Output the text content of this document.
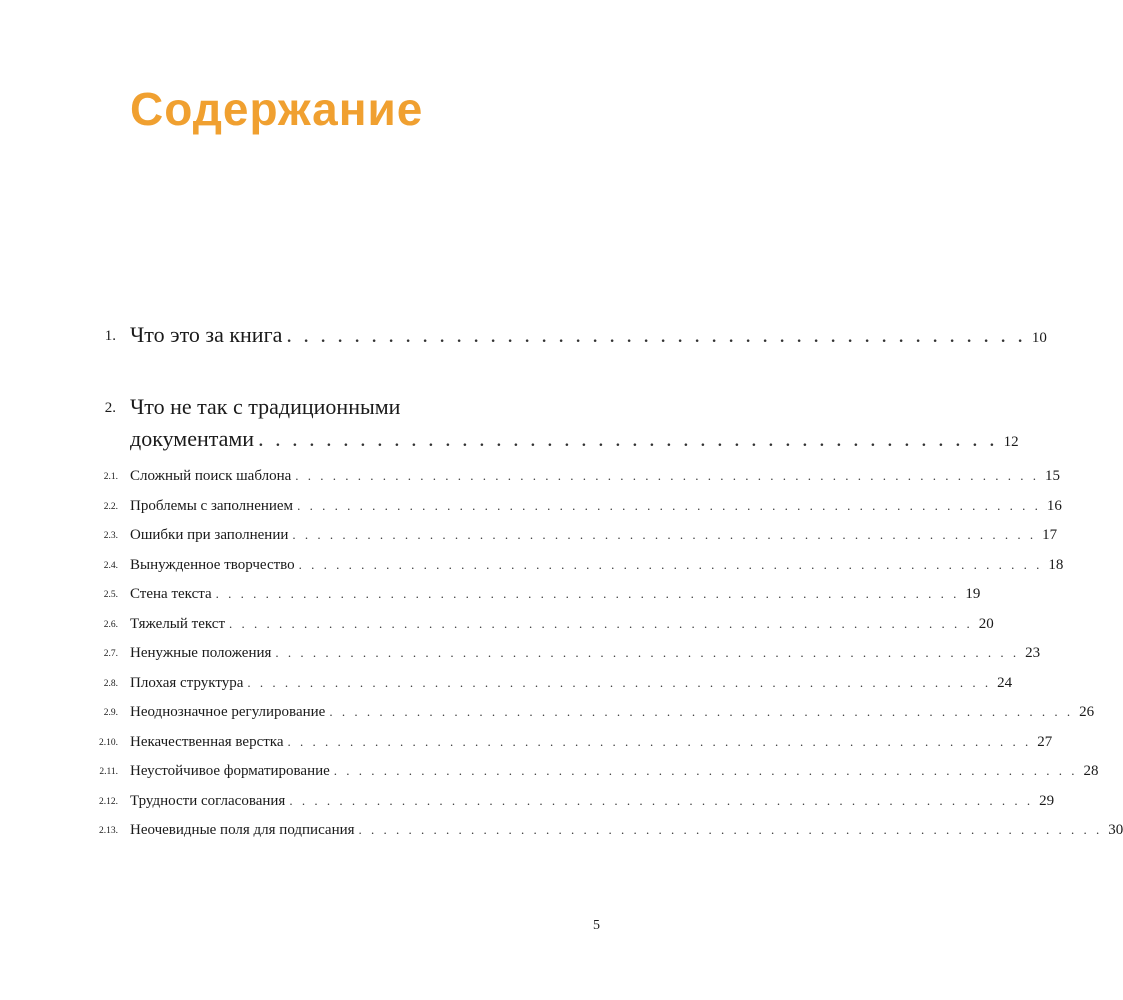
Содержание
1. Что это за книга . . . . . . . . . . . . . . . . . . . . . . . . . . . . . . . . . . . . . . . . . . . . 10
2. Что не так с традиционными
документами . . . . . . . . . . . . . . . . . . . . . . . . . . . . . . . . . . . . . . . . . . . . 12
2.1. Сложный поиск шаблона . . . . . . . . . . . . . . . . . . . . . . . . . . . . . . . . . . . . . . . . . . . . . . . . . . . . . . . . . . . . 15
2.2. Проблемы с заполнением . . . . . . . . . . . . . . . . . . . . . . . . . . . . . . . . . . . . . . . . . . . . . . . . . . . . . . . . . . . . 16
2.3. Ошибки при заполнении . . . . . . . . . . . . . . . . . . . . . . . . . . . . . . . . . . . . . . . . . . . . . . . . . . . . . . . . . . . . 17
2.4. Вынужденное творчество . . . . . . . . . . . . . . . . . . . . . . . . . . . . . . . . . . . . . . . . . . . . . . . . . . . . . . . . . . . . 18
2.5. Стена текста . . . . . . . . . . . . . . . . . . . . . . . . . . . . . . . . . . . . . . . . . . . . . . . . . . . . . . . . . . . . 19
2.6. Тяжелый текст . . . . . . . . . . . . . . . . . . . . . . . . . . . . . . . . . . . . . . . . . . . . . . . . . . . . . . . . . . . . 20
2.7. Ненужные положения . . . . . . . . . . . . . . . . . . . . . . . . . . . . . . . . . . . . . . . . . . . . . . . . . . . . . . . . . . . . 23
2.8. Плохая структура . . . . . . . . . . . . . . . . . . . . . . . . . . . . . . . . . . . . . . . . . . . . . . . . . . . . . . . . . . . . 24
2.9. Неоднозначное регулирование . . . . . . . . . . . . . . . . . . . . . . . . . . . . . . . . . . . . . . . . . . . . . . . . . . . . . . . . . . . . 26
2.10. Некачественная верстка . . . . . . . . . . . . . . . . . . . . . . . . . . . . . . . . . . . . . . . . . . . . . . . . . . . . . . . . . . . . 27
2.11. Неустойчивое форматирование . . . . . . . . . . . . . . . . . . . . . . . . . . . . . . . . . . . . . . . . . . . . . . . . . . . . . . . . . . . . 28
2.12. Трудности согласования . . . . . . . . . . . . . . . . . . . . . . . . . . . . . . . . . . . . . . . . . . . . . . . . . . . . . . . . . . . . 29
2.13. Неочевидные поля для подписания . . . . . . . . . . . . . . . . . . . . . . . . . . . . . . . . . . . . . . . . . . . . . . . . . . . . . . . . . . . . 30
5
